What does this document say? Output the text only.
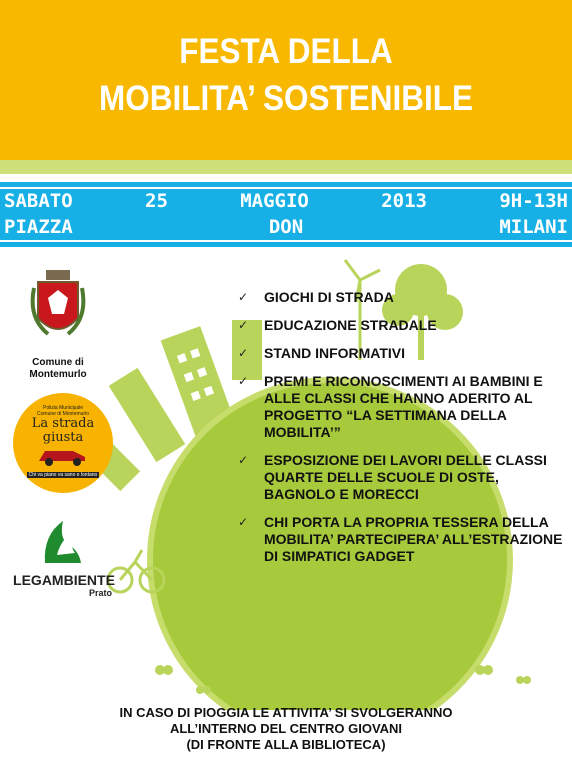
FESTA DELLA
MOBILITA’ SOSTENIBILE
SABATO 25 MAGGIO 2013 9H-13H
PIAZZA DON MILANI
Comune di
Montemurlo
Polizia Municipale
Comune di Montemurlo
La strada
giusta
Chi va piano va sano e lontano
LEGAMBIENTE
Prato
✓ GIOCHI DI STRADA
✓ EDUCAZIONE STRADALE
✓ STAND INFORMATIVI
✓ PREMI E RICONOSCIMENTI AI BAMBINI E ALLE CLASSI CHE HANNO ADERITO AL PROGETTO “LA SETTIMANA DELLA MOBILITA’”
✓ ESPOSIZIONE DEI LAVORI DELLE CLASSI QUARTE DELLE SCUOLE DI OSTE, BAGNOLO E MORECCI
✓ CHI PORTA LA PROPRIA TESSERA DELLA MOBILITA’ PARTECIPERA’ ALL’ESTRAZIONE DI SIMPATICI GADGET
IN CASO DI PIOGGIA LE ATTIVITA’ SI SVOLGERANNO
ALL’INTERNO DEL CENTRO GIOVANI
(DI FRONTE ALLA BIBLIOTECA)
